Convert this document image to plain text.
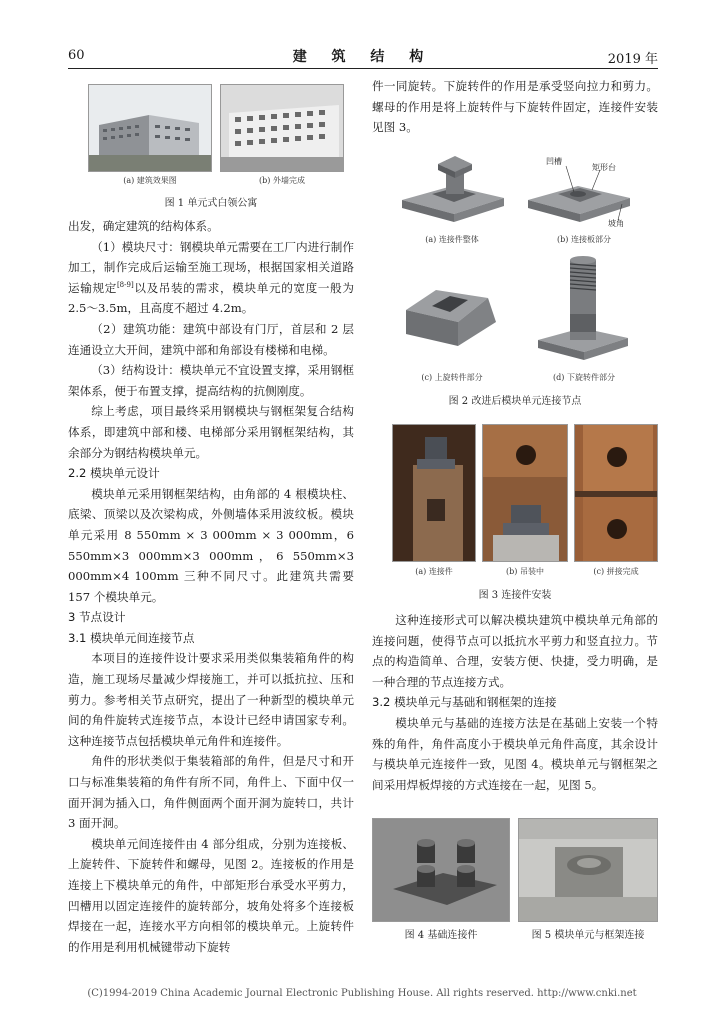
60	建 筑 结 构	2019 年
(a) 建筑效果图	(b) 外墙完成
图 1 单元式白领公寓

出发，确定建筑的结构体系。

（1）模块尺寸：钢模块单元需要在工厂内进行制作加工，制作完成后运输至施工现场，根据国家相关道路运输规定[8-9]以及吊装的需求，模块单元的宽度一般为 2.5～3.5m，且高度不超过 4.2m。

（2）建筑功能：建筑中部设有门厅，首层和 2 层连通设立大开间，建筑中部和角部设有楼梯和电梯。

（3）结构设计：模块单元不宜设置支撑，采用钢框架体系，便于布置支撑，提高结构的抗侧刚度。

综上考虑，项目最终采用钢模块与钢框架复合结构体系，即建筑中部和楼、电梯部分采用钢框架结构，其余部分为钢结构模块单元。

2.2 模块单元设计

模块单元采用钢框架结构，由角部的 4 根模块柱、底梁、顶梁以及次梁构成，外侧墙体采用波纹板。模块单元采用 8 550mm × 3 000mm × 3 000mm，6 550mm×3 000mm×3 000mm，6 550mm×3 000mm×4 100mm 三种不同尺寸。此建筑共需要 157 个模块单元。

3 节点设计
3.1 模块单元间连接节点

本项目的连接件设计要求采用类似集装箱角件的构造，施工现场尽量减少焊接施工，并可以抵抗拉、压和剪力。参考相关节点研究，提出了一种新型的模块单元间的角件旋转式连接节点，本设计已经申请国家专利。这种连接节点包括模块单元角件和连接件。

角件的形状类似于集装箱部的角件，但是尺寸和开口与标准集装箱的角件有所不同，角件上、下面中仅一面开洞为插入口，角件侧面两个面开洞为旋转口，共计 3 面开洞。

模块单元间连接件由 4 部分组成，分别为连接板、上旋转件、下旋转件和螺母，见图 2。连接板的作用是连接上下模块单元的角件，中部矩形台承受水平剪力，凹槽用以固定连接件的旋转部分，坡角处将多个连接板焊接在一起，连接水平方向相邻的模块单元。上旋转件的作用是利用机械键带动下旋转

件一同旋转。下旋转件的作用是承受竖向拉力和剪力。螺母的作用是将上旋转件与下旋转件固定，连接件安装见图 3。

(a) 连接件整体
凹槽
矩形台
坡角
(b) 连接板部分
(c) 上旋转件部分	(d) 下旋转件部分
图 2 改进后模块单元连接节点
(a) 连接件	(b) 吊装中	(c) 拼接完成
图 3 连接件安装

这种连接形式可以解决模块建筑中模块单元角部的连接问题，使得节点可以抵抗水平剪力和竖直拉力。节点的构造简单、合理，安装方便、快捷，受力明确，是一种合理的节点连接方式。

3.2 模块单元与基础和钢框架的连接

模块单元与基础的连接方法是在基础上安装一个特殊的角件，角件高度小于模块单元角件高度，其余设计与模块单元连接件一致，见图 4。模块单元与钢框架之间采用焊板焊接的方式连接在一起，见图 5。

图 4 基础连接件	图 5 模块单元与框架连接
(C)1994-2019 China Academic Journal Electronic Publishing House. All rights reserved. http://www.cnki.net
